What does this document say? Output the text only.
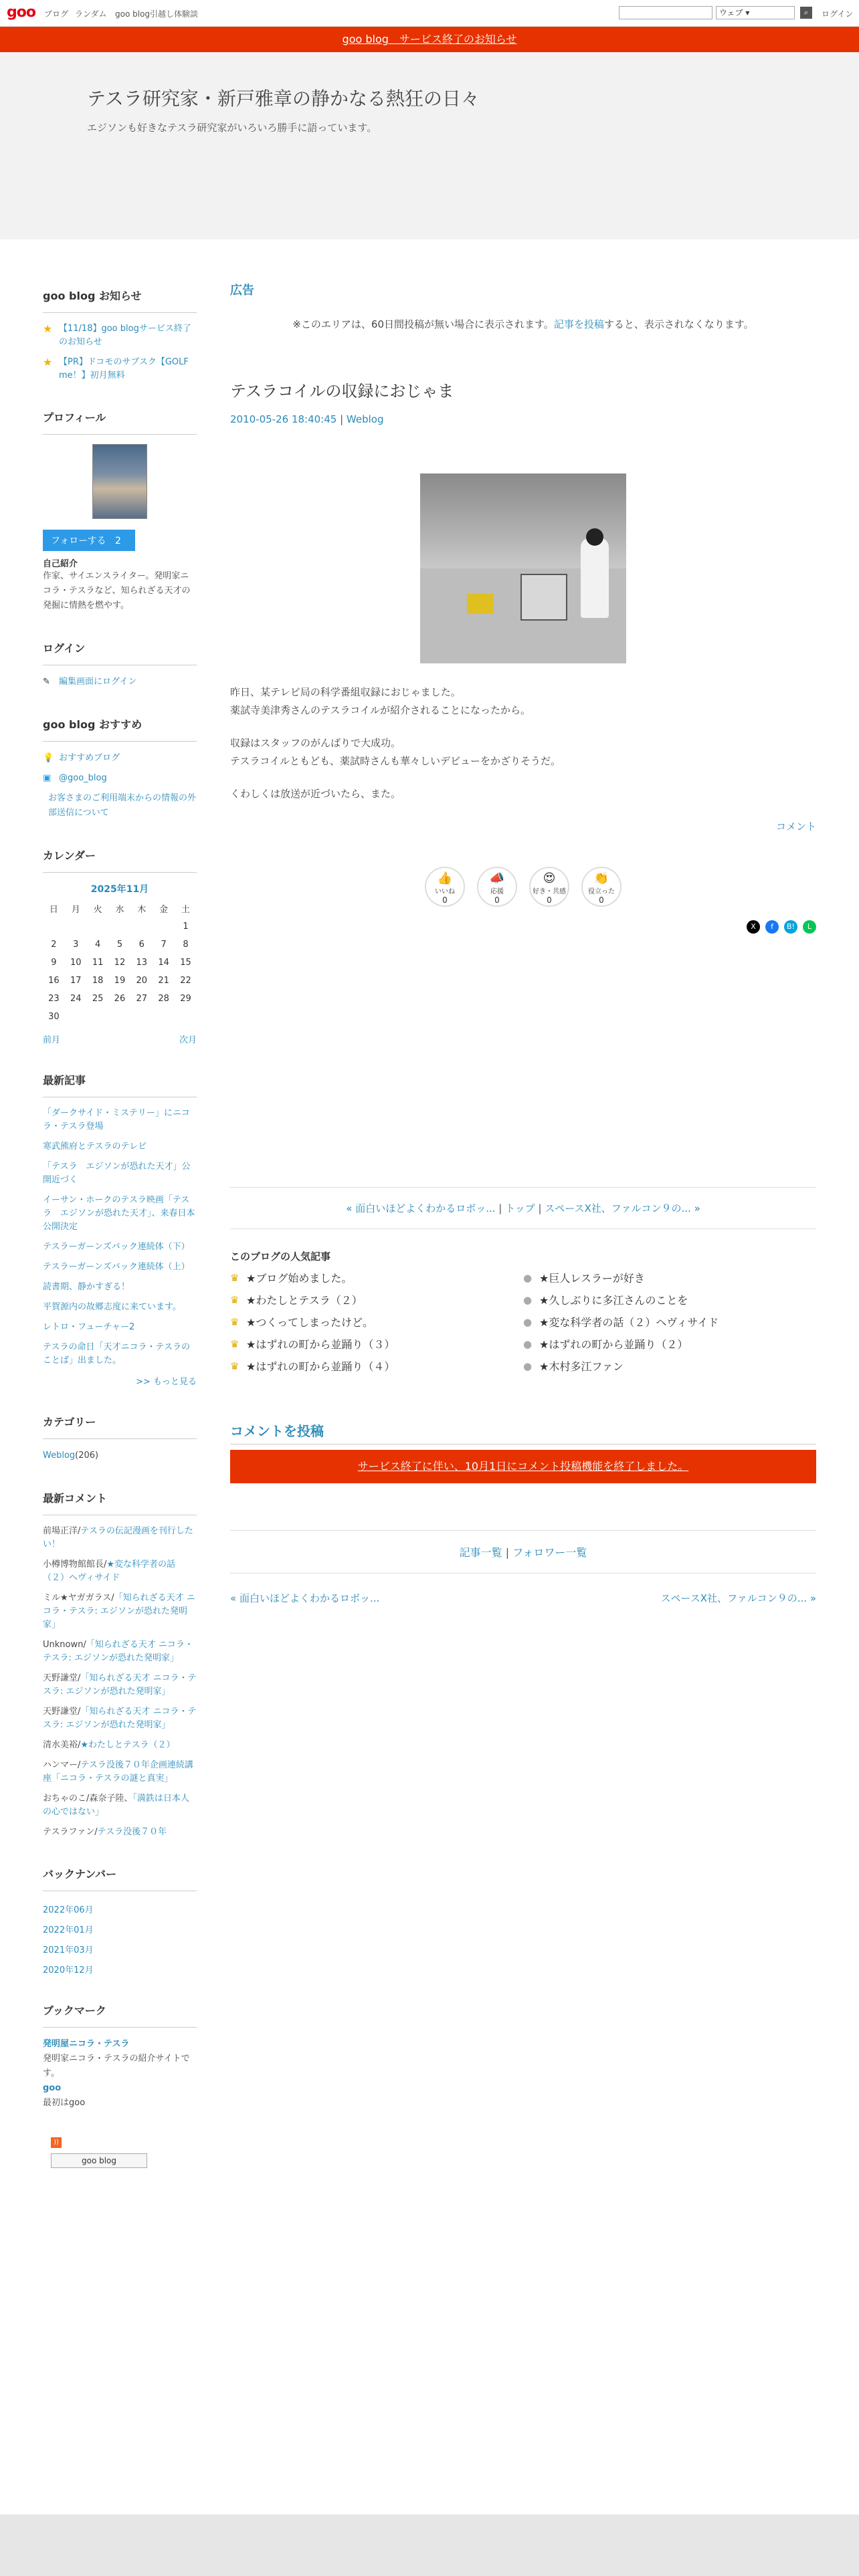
goo ブログ ランダム goo blog引越し体験談	ウェブ ▾	⌕	ログイン
goo blog　サービス終了のお知らせ
テスラ研究家・新戸雅章の静かなる熱狂の日々
エジソンも好きなテスラ研究家がいろいろ勝手に語っています。
goo blog お知らせ
★ 【11/18】goo blogサービス終了のお知らせ
★ 【PR】ドコモのサブスク【GOLF me！】初月無料
プロフィール
フォローする 2
自己紹介
作家、サイエンスライター。発明家ニコラ・テスラなど、知られざる天才の発掘に情熱を燃やす。
ログイン
✎	編集画面にログイン
goo blog おすすめ
💡 おすすめブログ
▣ @goo_blog
お客さまのご利用端末からの情報の外部送信について
カレンダー
2025年11月
日	月	火	水	木	金	土
						1
2	3	4	5	6	7	8
9	10	11	12	13	14	15
16	17	18	19	20	21	22
23	24	25	26	27	28	29
30						
前月	次月
最新記事
「ダークサイド・ミステリー」にニコラ・テスラ登場
寒武熊府とテスラのテレビ
「テスラ　エジソンが恐れた天才」公開近づく
イーサン・ホークのテスラ映画「テスラ　エジソンが恐れた天才」、来春日本公開決定
テスラーガーンズバック連続体（下）
テスラーガーンズバック連続体（上）
読書期、静かすぎる！
平賀源内の故郷志度に来ています。
レトロ・フューチャー2
テスラの命日「天才ニコラ・テスラのことば」出ました。
>> もっと見る
カテゴリー
Weblog(206)
最新コメント
前場正洋/テスラの伝記漫画を刊行したい！
小樽博物館館長/★変な科学者の話（２）ヘヴィサイド
ミル★ヤガガラス/「知られざる天才 ニコラ・テスラ: エジソンが恐れた発明家」
Unknown/「知られざる天才 ニコラ・テスラ: エジソンが恐れた発明家」
天野謙堂/「知られざる天才 ニコラ・テスラ: エジソンが恐れた発明家」
天野謙堂/「知られざる天才 ニコラ・テスラ: エジソンが恐れた発明家」
清水美裕/★わたしとテスラ（２）
ハンマー/テスラ没後７０年企画連続講座「ニコラ・テスラの謎と真実」
おちゃのこ/森奈子陸、「満鉄は日本人の心ではない」
テスラファン/テスラ没後７０年
バックナンバー
2022年06月
2022年01月
2021年03月
2020年12月
ブックマーク
発明屋ニコラ・テスラ
発明家ニコラ・テスラの紹介サイトです。
goo
最初はgoo
))
goo blog
広告
※このエリアは、60日間投稿が無い場合に表示されます。記事を投稿すると、表示されなくなります。
テスラコイルの収録におじゃま
2010-05-26 18:40:45 | Weblog
昨日、某テレビ局の科学番組収録におじゃました。
薬試寺美津秀さんのテスラコイルが紹介されることになったから。
収録はスタッフのがんばりで大成功。
テスラコイルともども、薬試時さんも華々しいデビューをかざりそうだ。
くわしくは放送が近づいたら、また。
コメント
👍
いいね
0
📣
応援
0
😍
好き・共感
0
👏
役立った
0
X	f	B!	L
« 面白いほどよくわかるロボッ... | トップ | スペースX社、ファルコン９の... »
このブログの人気記事
♛ ★ブログ始めました。	● ★巨人レスラーが好き
♛ ★わたしとテスラ（２）	● ★久しぶりに多江さんのことを
♛ ★つくってしまったけど。	● ★変な科学者の話（２）ヘヴィサイド
♛ ★はずれの町から並踊り（３）	● ★はずれの町から並踊り（２）
♛ ★はずれの町から並踊り（４）	● ★木村多江ファン
コメントを投稿
サービス終了に伴い、10月1日にコメント投稿機能を終了しました。
記事一覧 | フォロワー一覧
« 面白いほどよくわかるロボッ...	スペースX社、ファルコン９の... »
